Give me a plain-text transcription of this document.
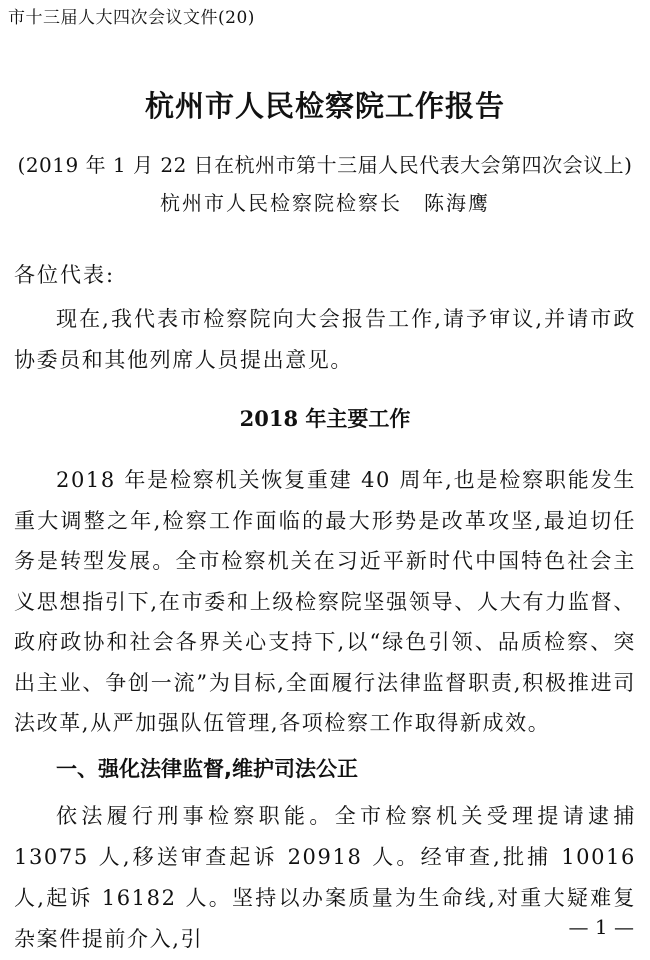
市十三届人大四次会议文件(20)
杭州市人民检察院工作报告
(2019 年 1 月 22 日在杭州市第十三届人民代表大会第四次会议上)
杭州市人民检察院检察长 陈海鹰
各位代表:

现在,我代表市检察院向大会报告工作,请予审议,并请市政协委员和其他列席人员提出意见。

2018 年主要工作

2018 年是检察机关恢复重建 40 周年,也是检察职能发生重大调整之年,检察工作面临的最大形势是改革攻坚,最迫切任务是转型发展。全市检察机关在习近平新时代中国特色社会主义思想指引下,在市委和上级检察院坚强领导、人大有力监督、政府政协和社会各界关心支持下,以“绿色引领、品质检察、突出主业、争创一流”为目标,全面履行法律监督职责,积极推进司法改革,从严加强队伍管理,各项检察工作取得新成效。

一、强化法律监督,维护司法公正

依法履行刑事检察职能。全市检察机关受理提请逮捕 13075 人,移送审查起诉 20918 人。经审查,批捕 10016 人,起诉 16182 人。坚持以办案质量为生命线,对重大疑难复杂案件提前介入,引	— 1 —
